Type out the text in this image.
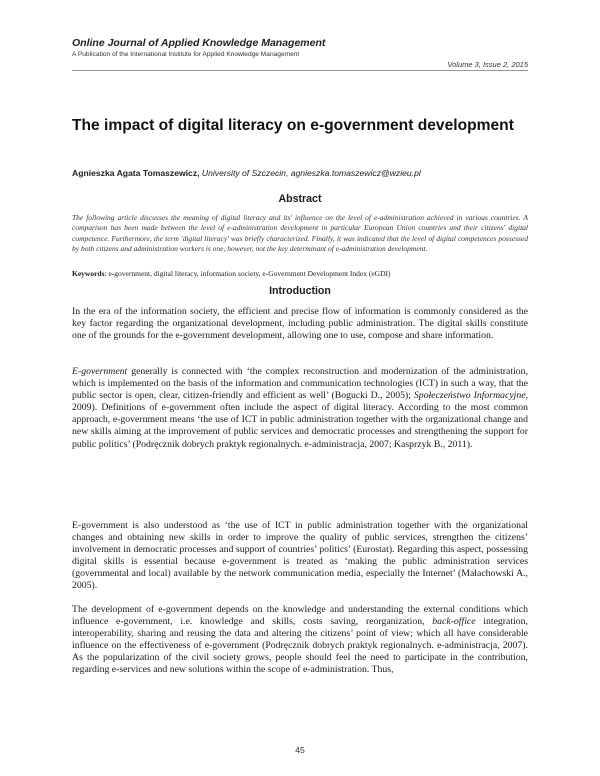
Online Journal of Applied Knowledge Management
A Publication of the International Institute for Applied Knowledge Management
Volume 3, Issue 2, 2015
The impact of digital literacy on e-government development
Agnieszka Agata Tomaszewicz, University of Szczecin, agnieszka.tomaszewicz@wzieu.pl
Abstract
The following article discusses the meaning of digital literacy and its' influence on the level of e-administration achieved in various countries. A comparison has been made between the level of e-administration development in particular European Union countries and their citizens' digital competence. Furthermore, the term 'digital literacy' was briefly characterized. Finally, it was indicated that the level of digital competences possessed by both citizens and administration workers is one, however, not the key determinant of e-administration development.
Keywords: e-government, digital literacy, information society, e-Government Development Index (eGDI)
Introduction
In the era of the information society, the efficient and precise flow of information is commonly considered as the key factor regarding the organizational development, including public administration. The digital skills constitute one of the grounds for the e-government development, allowing one to use, compose and share information.
E-government generally is connected with ‘the complex reconstruction and modernization of the administration, which is implemented on the basis of the information and communication technologies (ICT) in such a way, that the public sector is open, clear, citizen-friendly and efficient as well’ (Bogucki D., 2005); Społeczeństwo Informacyjne, 2009). Definitions of e-government often include the aspect of digital literacy. According to the most common approach, e-government means ‘the use of ICT in public administration together with the organizational change and new skills aiming at the improvement of public services and democratic processes and strengthening the support for public politics’ (Podręcznik dobrych praktyk regionalnych. e-administracja, 2007; Kasprzyk B., 2011).
E-government is also understood as ‘the use of ICT in public administration together with the organizational changes and obtaining new skills in order to improve the quality of public services, strengthen the citizens’ involvement in democratic processes and support of countries’ politics’ (Eurostat). Regarding this aspect, possessing digital skills is essential because e-government is treated as ‘making the public administration services (governmental and local) available by the network communication media, especially the Internet’ (Małachowski A., 2005).
The development of e-government depends on the knowledge and understanding the external conditions which influence e-government, i.e. knowledge and skills, costs saving, reorganization, back-office integration, interoperability, sharing and reusing the data and altering the citizens’ point of view; which all have considerable influence on the effectiveness of e-government (Podręcznik dobrych praktyk regionalnych. e-administracja, 2007). As the popularization of the civil society grows, people should feel the need to participate in the contribution, regarding e-services and new solutions within the scope of e-administration. Thus,
45
